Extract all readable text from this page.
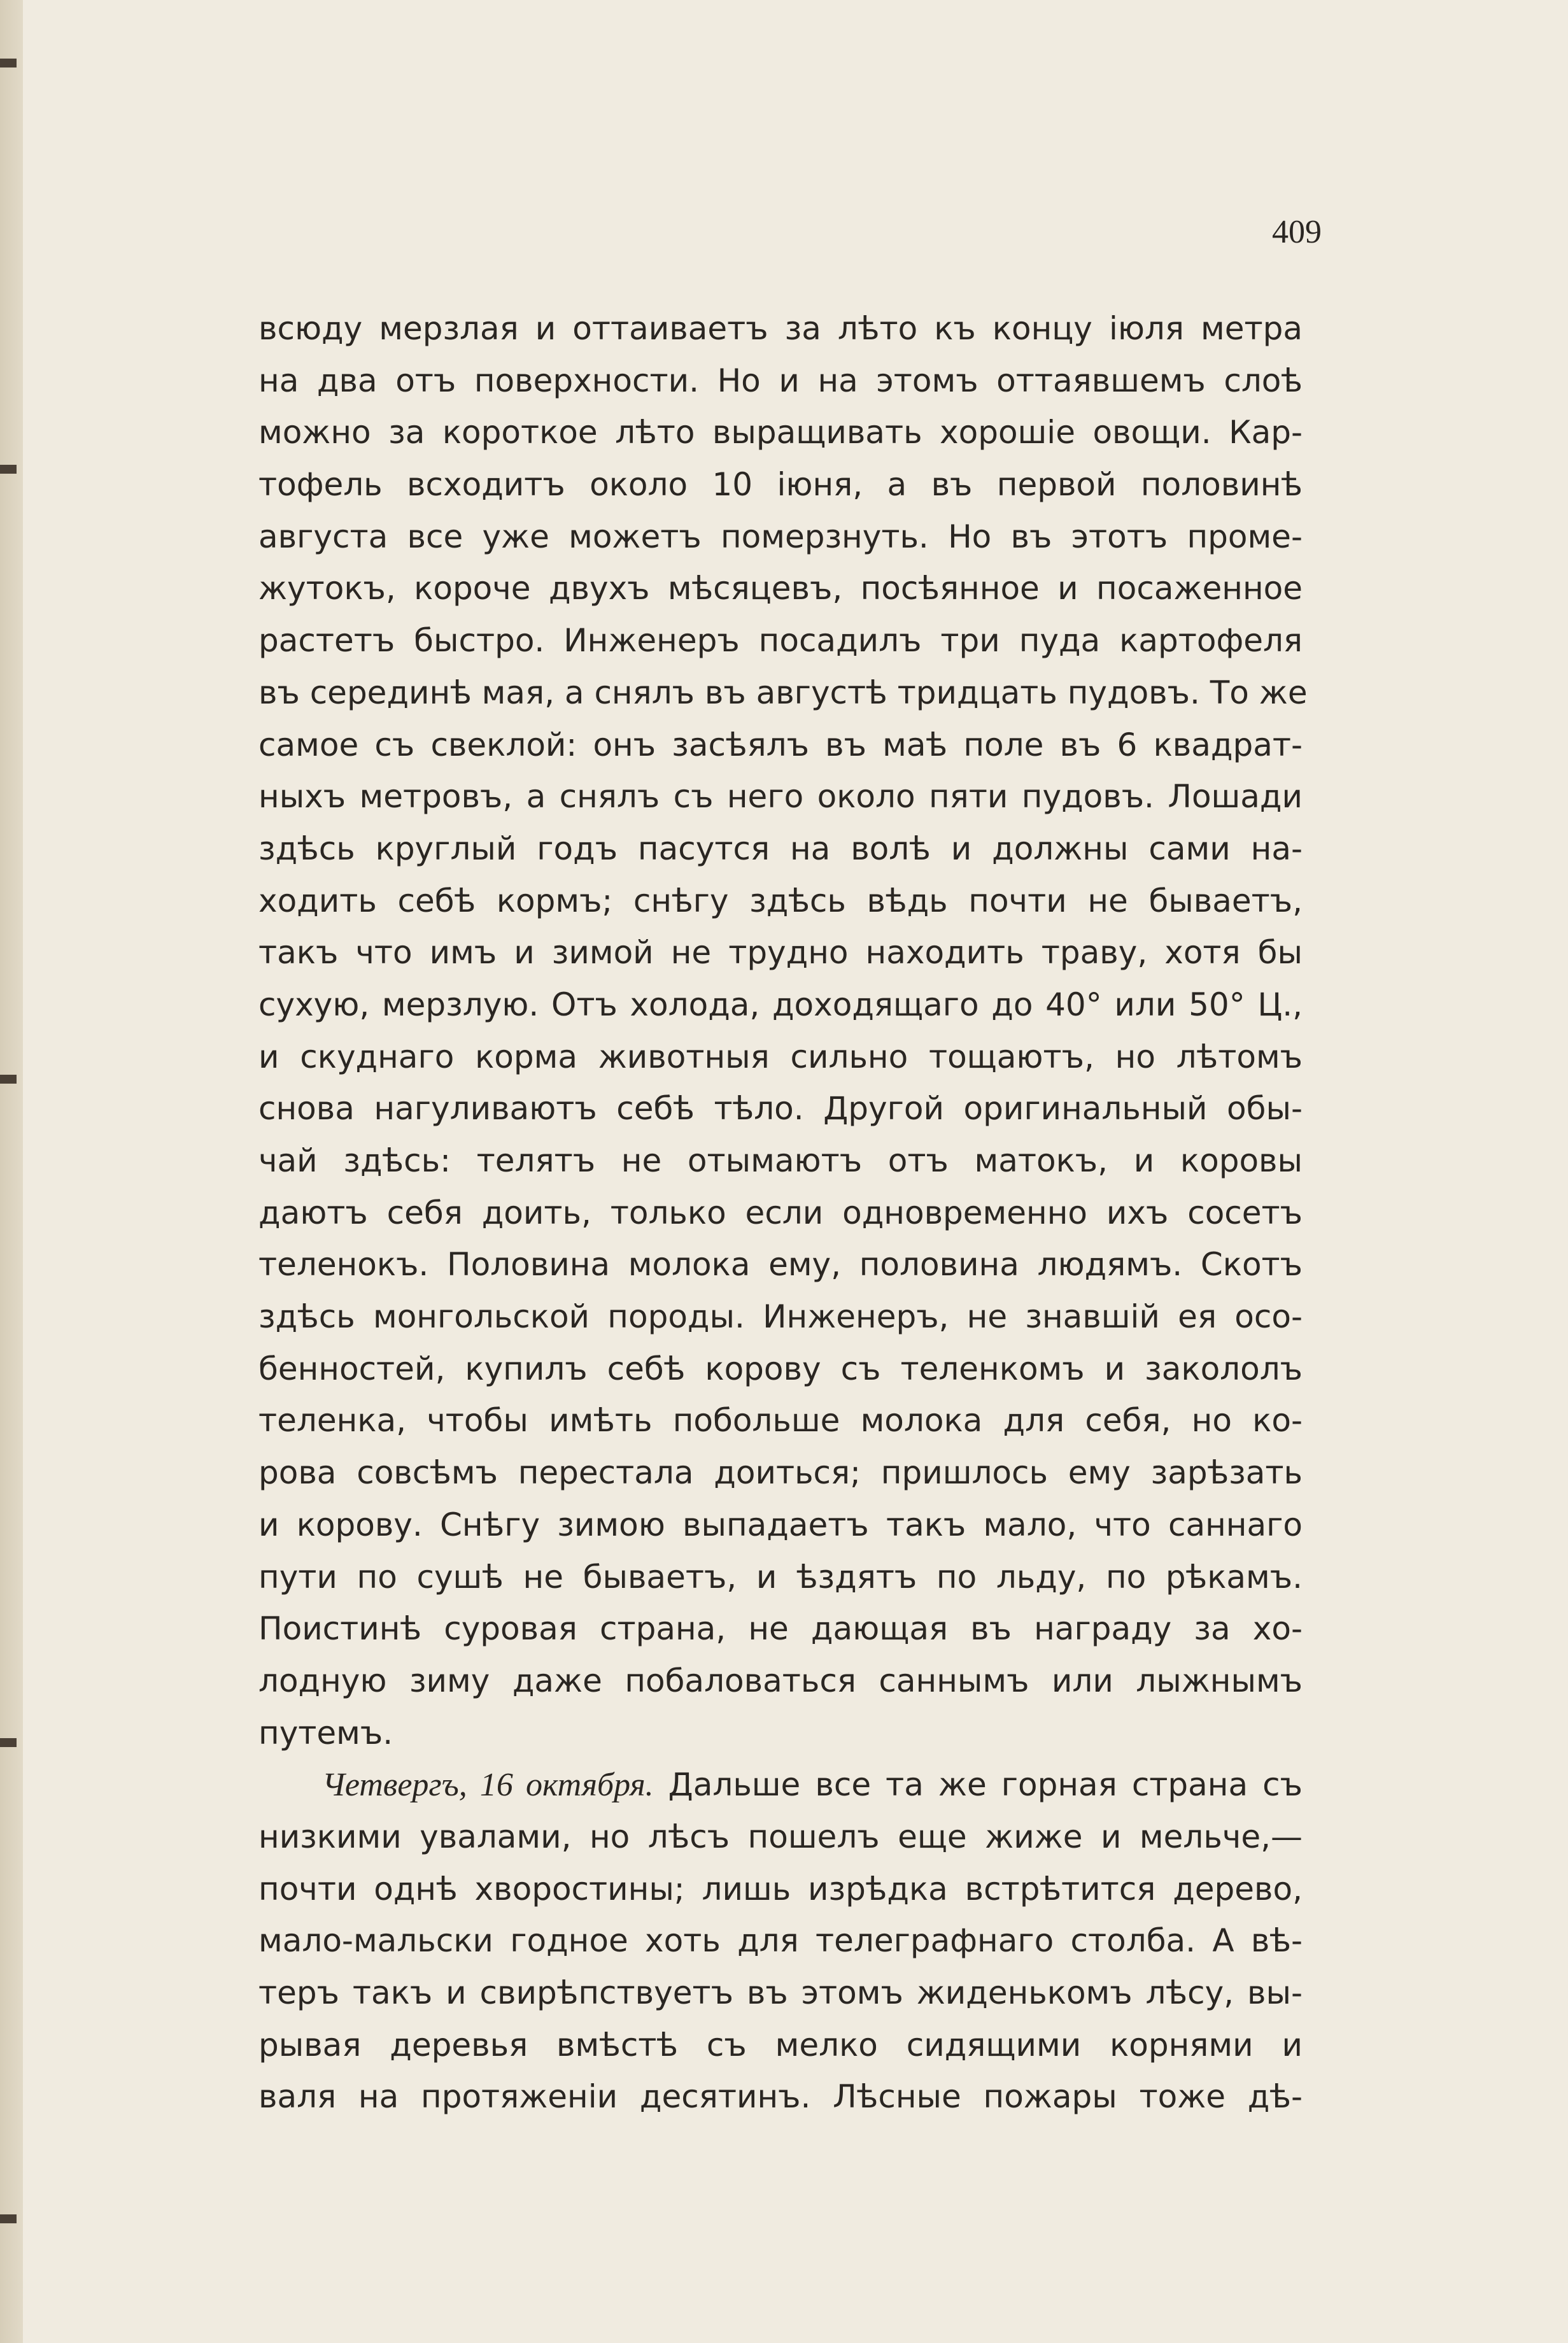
409
всюду мерзлая и оттаиваетъ за лѣто къ концу іюля метра
на два отъ поверхности. Но и на этомъ оттаявшемъ слоѣ
можно за короткое лѣто выращивать хорошіе овощи. Кар-
тофель всходитъ около 10 іюня, а въ первой половинѣ
августа все уже можетъ померзнуть. Но въ этотъ проме-
жутокъ, короче двухъ мѣсяцевъ, посѣянное и посаженное
растетъ быстро. Инженеръ посадилъ три пуда картофеля
въ серединѣ мая, а снялъ въ августѣ тридцать пудовъ. То же
самое съ свеклой: онъ засѣялъ въ маѣ поле въ 6 квадрат-
ныхъ метровъ, а снялъ съ него около пяти пудовъ. Лошади
здѣсь круглый годъ пасутся на волѣ и должны сами на-
ходить себѣ кормъ; снѣгу здѣсь вѣдь почти не бываетъ,
такъ что имъ и зимой не трудно находить траву, хотя бы
сухую, мерзлую. Отъ холода, доходящаго до 40° или 50° Ц.,
и скуднаго корма животныя сильно тощаютъ, но лѣтомъ
снова нагуливаютъ себѣ тѣло. Другой оригинальный обы-
чай здѣсь: телятъ не отымаютъ отъ матокъ, и коровы
даютъ себя доить, только если одновременно ихъ сосетъ
теленокъ. Половина молока ему, половина людямъ. Скотъ
здѣсь монгольской породы. Инженеръ, не знавшій ея осо-
бенностей, купилъ себѣ корову съ теленкомъ и закололъ
теленка, чтобы имѣть побольше молока для себя, но ко-
рова совсѣмъ перестала доиться; пришлось ему зарѣзать
и корову. Снѣгу зимою выпадаетъ такъ мало, что саннаго
пути по сушѣ не бываетъ, и ѣздятъ по льду, по рѣкамъ.
Поистинѣ суровая страна, не дающая въ награду за хо-
лодную зиму даже побаловаться саннымъ или лыжнымъ
путемъ.
Четвергъ, 16 октября. Дальше все та же горная страна съ
низкими увалами, но лѣсъ пошелъ еще жиже и мельче,—
почти однѣ хворостины; лишь изрѣдка встрѣтится дерево,
мало-мальски годное хоть для телеграфнаго столба. А вѣ-
теръ такъ и свирѣпствуетъ въ этомъ жиденькомъ лѣсу, вы-
рывая деревья вмѣстѣ съ мелко сидящими корнями и
валя на протяженіи десятинъ. Лѣсные пожары тоже дѣ-
